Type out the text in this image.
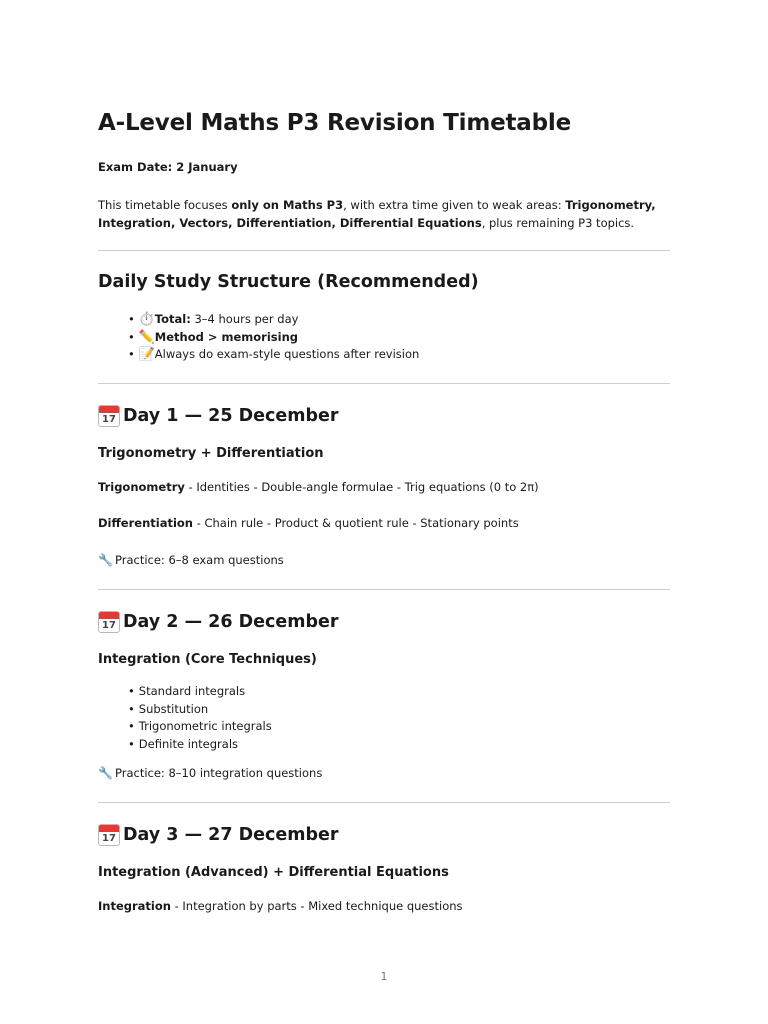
A-Level Maths P3 Revision Timetable
Exam Date: 2 January
This timetable focuses only on Maths P3, with extra time given to weak areas: Trigonometry, Integration, Vectors, Differentiation, Differential Equations, plus remaining P3 topics.
Daily Study Structure (Recommended)
• ⏱️Total: 3–4 hours per day
• ✏️Method > memorising
• 📝Always do exam-style questions after revision
17 Day 1 — 25 December
Trigonometry + Differentiation
Trigonometry - Identities - Double-angle formulae - Trig equations (0 to 2π)
Differentiation - Chain rule - Product & quotient rule - Stationary points
🔧 Practice: 6–8 exam questions
17 Day 2 — 26 December
Integration (Core Techniques)
• Standard integrals
• Substitution
• Trigonometric integrals
• Definite integrals
🔧 Practice: 8–10 integration questions
17 Day 3 — 27 December
Integration (Advanced) + Differential Equations
Integration - Integration by parts - Mixed technique questions
1
